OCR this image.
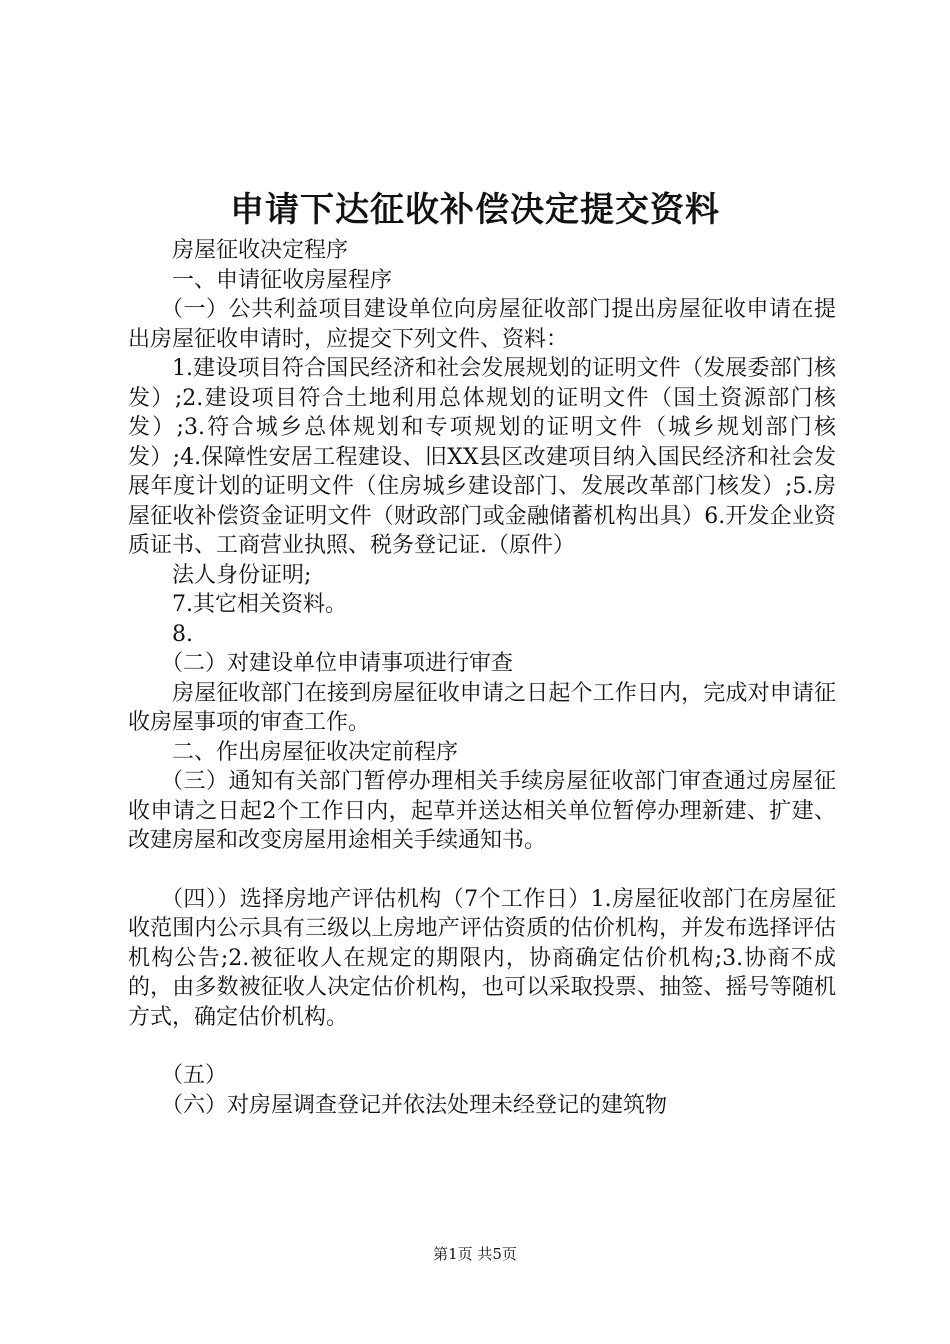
申请下达征收补偿决定提交资料

房屋征收决定程序

一、申请征收房屋程序

（一）公共利益项目建设单位向房屋征收部门提出房屋征收申请在提出房屋征收申请时，应提交下列文件、资料：

1.建设项目符合国民经济和社会发展规划的证明文件（发展委部门核发）;2.建设项目符合土地利用总体规划的证明文件（国土资源部门核发）;3.符合城乡总体规划和专项规划的证明文件（城乡规划部门核发）;4.保障性安居工程建设、旧XX县区改建项目纳入国民经济和社会发展年度计划的证明文件（住房城乡建设部门、发展改革部门核发）;5.房屋征收补偿资金证明文件（财政部门或金融储蓄机构出具）6.开发企业资质证书、工商营业执照、税务登记证.（原件）

法人身份证明;

7.其它相关资料。

8.

（二）对建设单位申请事项进行审查

房屋征收部门在接到房屋征收申请之日起个工作日内，完成对申请征收房屋事项的审查工作。

二、作出房屋征收决定前程序

（三）通知有关部门暂停办理相关手续房屋征收部门审查通过房屋征收申请之日起2个工作日内，起草并送达相关单位暂停办理新建、扩建、改建房屋和改变房屋用途相关手续通知书。

（四））选择房地产评估机构（7个工作日）1.房屋征收部门在房屋征收范围内公示具有三级以上房地产评估资质的估价机构，并发布选择评估机构公告;2.被征收人在规定的期限内，协商确定估价机构;3.协商不成的，由多数被征收人决定估价机构，也可以采取投票、抽签、摇号等随机方式，确定估价机构。

（五）

（六）对房屋调查登记并依法处理未经登记的建筑物

第1页 共5页
